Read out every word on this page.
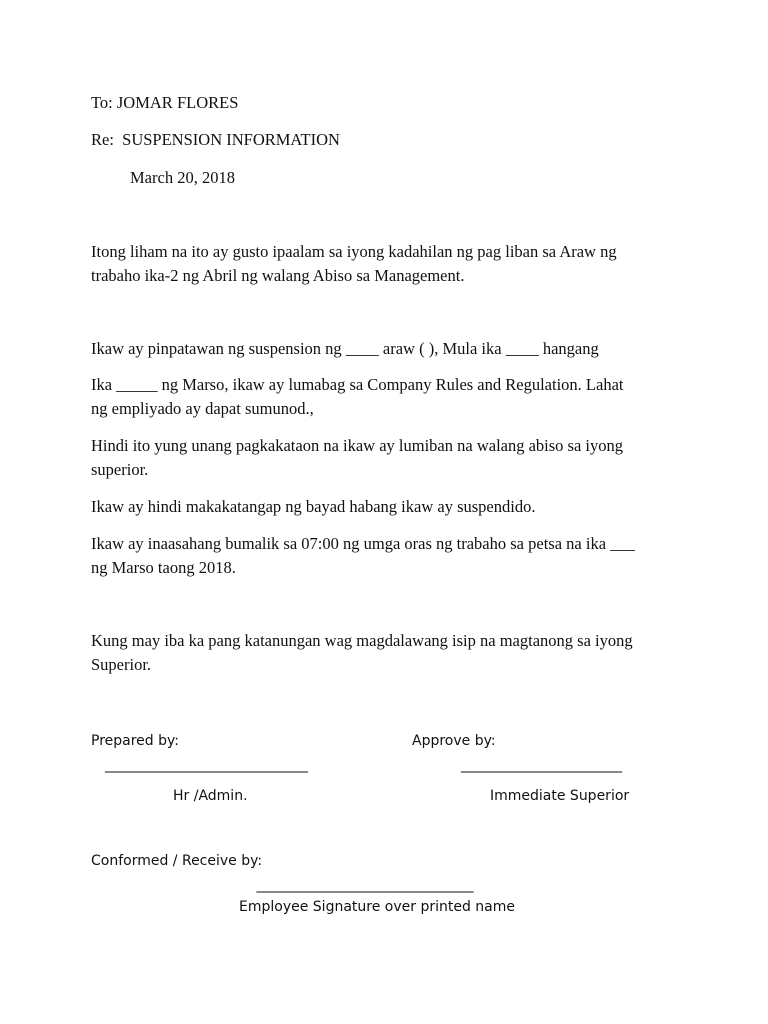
To: JOMAR FLORES
Re:  SUSPENSION INFORMATION
March 20, 2018
Itong liham na ito ay gusto ipaalam sa iyong kadahilan ng pag liban sa Araw ng
trabaho ika-2 ng Abril ng walang Abiso sa Management.
Ikaw ay pinpatawan ng suspension ng ____ araw ( ), Mula ika ____ hangang
Ika _____ ng Marso, ikaw ay lumabag sa Company Rules and Regulation. Lahat
ng empliyado ay dapat sumunod.,
Hindi ito yung unang pagkakataon na ikaw ay lumiban na walang abiso sa iyong
superior.
Ikaw ay hindi makakatangap ng bayad habang ikaw ay suspendido.
Ikaw ay inaasahang bumalik sa 07:00 ng umga oras ng trabaho sa petsa na ika ___
ng Marso taong 2018.
Kung may iba ka pang katanungan wag magdalawang isip na magtanong sa iyong
Superior.
Prepared by:	Approve by:
_____________________________	_______________________
Hr /Admin.	Immediate Superior
Conformed / Receive by:
_______________________________
Employee Signature over printed name
